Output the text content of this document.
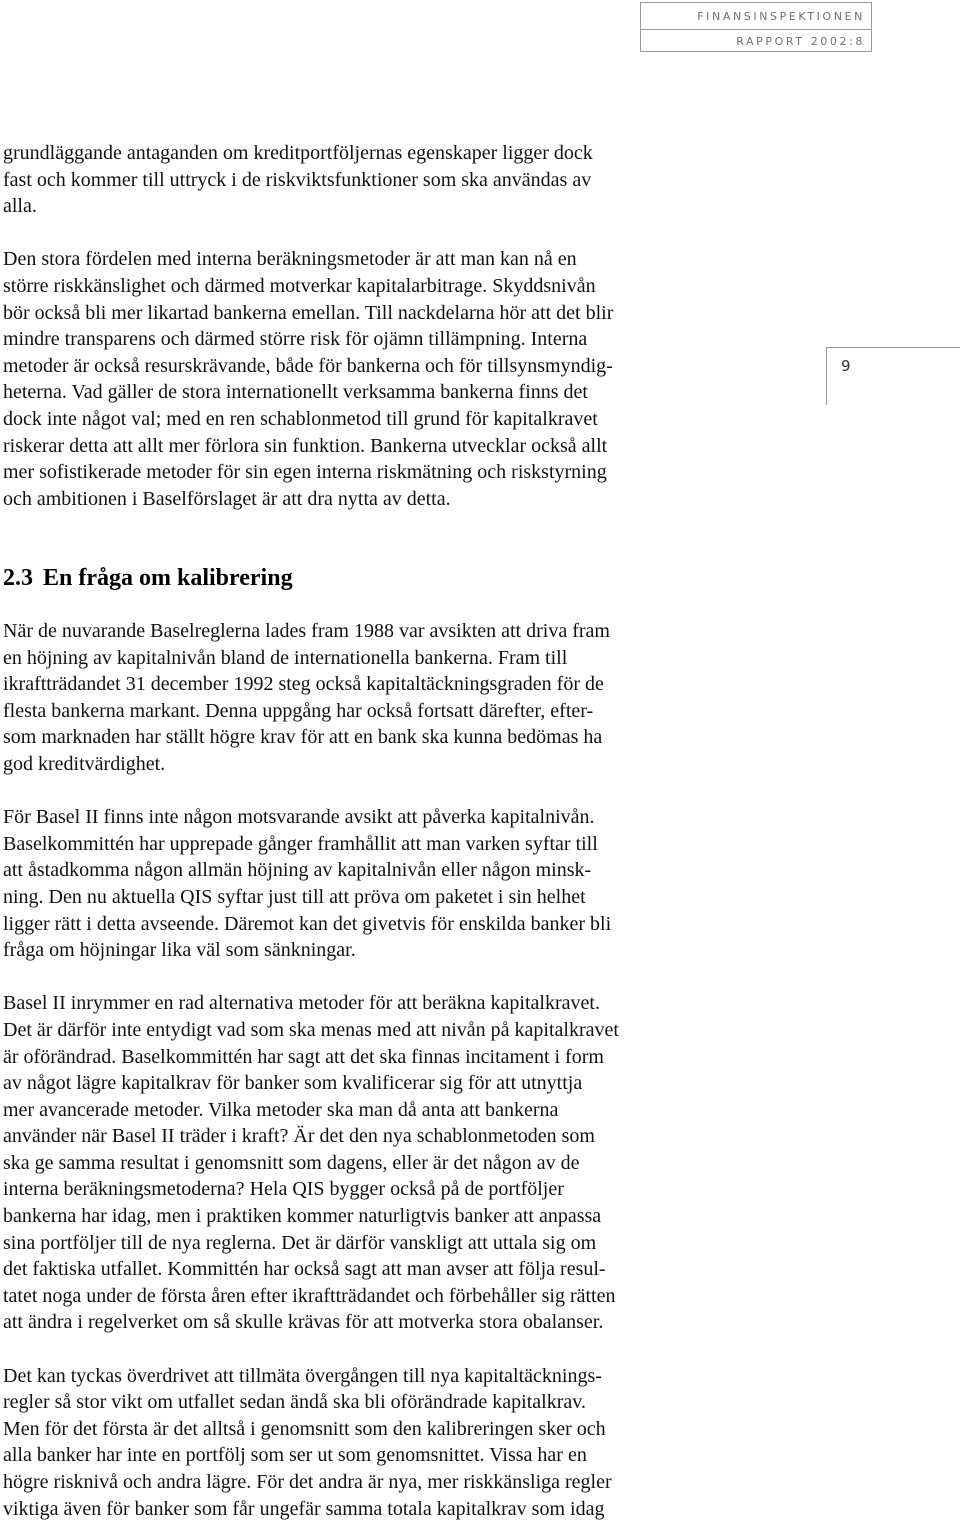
FINANSINSPEKTIONEN
RAPPORT 2002:8
9

grundläggande antaganden om kreditportföljernas egenskaper ligger dock
fast och kommer till uttryck i de riskviktsfunktioner som ska användas av
alla.

Den stora fördelen med interna beräkningsmetoder är att man kan nå en
större riskkänslighet och därmed motverkar kapitalarbitrage. Skyddsnivån
bör också bli mer likartad bankerna emellan. Till nackdelarna hör att det blir
mindre transparens och därmed större risk för ojämn tillämpning. Interna
metoder är också resurskrävande, både för bankerna och för tillsynsmyndig-
heterna. Vad gäller de stora internationellt verksamma bankerna finns det
dock inte något val; med en ren schablonmetod till grund för kapitalkravet
riskerar detta att allt mer förlora sin funktion. Bankerna utvecklar också allt
mer sofistikerade metoder för sin egen interna riskmätning och riskstyrning
och ambitionen i Baselförslaget är att dra nytta av detta.

2.3 En fråga om kalibrering

När de nuvarande Baselreglerna lades fram 1988 var avsikten att driva fram
en höjning av kapitalnivån bland de internationella bankerna. Fram till
ikraftträdandet 31 december 1992 steg också kapitaltäckningsgraden för de
flesta bankerna markant. Denna uppgång har också fortsatt därefter, efter-
som marknaden har ställt högre krav för att en bank ska kunna bedömas ha
god kreditvärdighet.

För Basel II finns inte någon motsvarande avsikt att påverka kapitalnivån.
Baselkommittén har upprepade gånger framhållit att man varken syftar till
att åstadkomma någon allmän höjning av kapitalnivån eller någon minsk-
ning. Den nu aktuella QIS syftar just till att pröva om paketet i sin helhet
ligger rätt i detta avseende. Däremot kan det givetvis för enskilda banker bli
fråga om höjningar lika väl som sänkningar.

Basel II inrymmer en rad alternativa metoder för att beräkna kapitalkravet.
Det är därför inte entydigt vad som ska menas med att nivån på kapitalkravet
är oförändrad. Baselkommittén har sagt att det ska finnas incitament i form
av något lägre kapitalkrav för banker som kvalificerar sig för att utnyttja
mer avancerade metoder. Vilka metoder ska man då anta att bankerna
använder när Basel II träder i kraft? Är det den nya schablonmetoden som
ska ge samma resultat i genomsnitt som dagens, eller är det någon av de
interna beräkningsmetoderna? Hela QIS bygger också på de portföljer
bankerna har idag, men i praktiken kommer naturligtvis banker att anpassa
sina portföljer till de nya reglerna. Det är därför vanskligt att uttala sig om
det faktiska utfallet. Kommittén har också sagt att man avser att följa resul-
tatet noga under de första åren efter ikraftträdandet och förbehåller sig rätten
att ändra i regelverket om så skulle krävas för att motverka stora obalanser.

Det kan tyckas överdrivet att tillmäta övergången till nya kapitaltäcknings-
regler så stor vikt om utfallet sedan ändå ska bli oförändrade kapitalkrav.
Men för det första är det alltså i genomsnitt som den kalibreringen sker och
alla banker har inte en portfölj som ser ut som genomsnittet. Vissa har en
högre risknivå och andra lägre. För det andra är nya, mer riskkänsliga regler
viktiga även för banker som får ungefär samma totala kapitalkrav som idag
